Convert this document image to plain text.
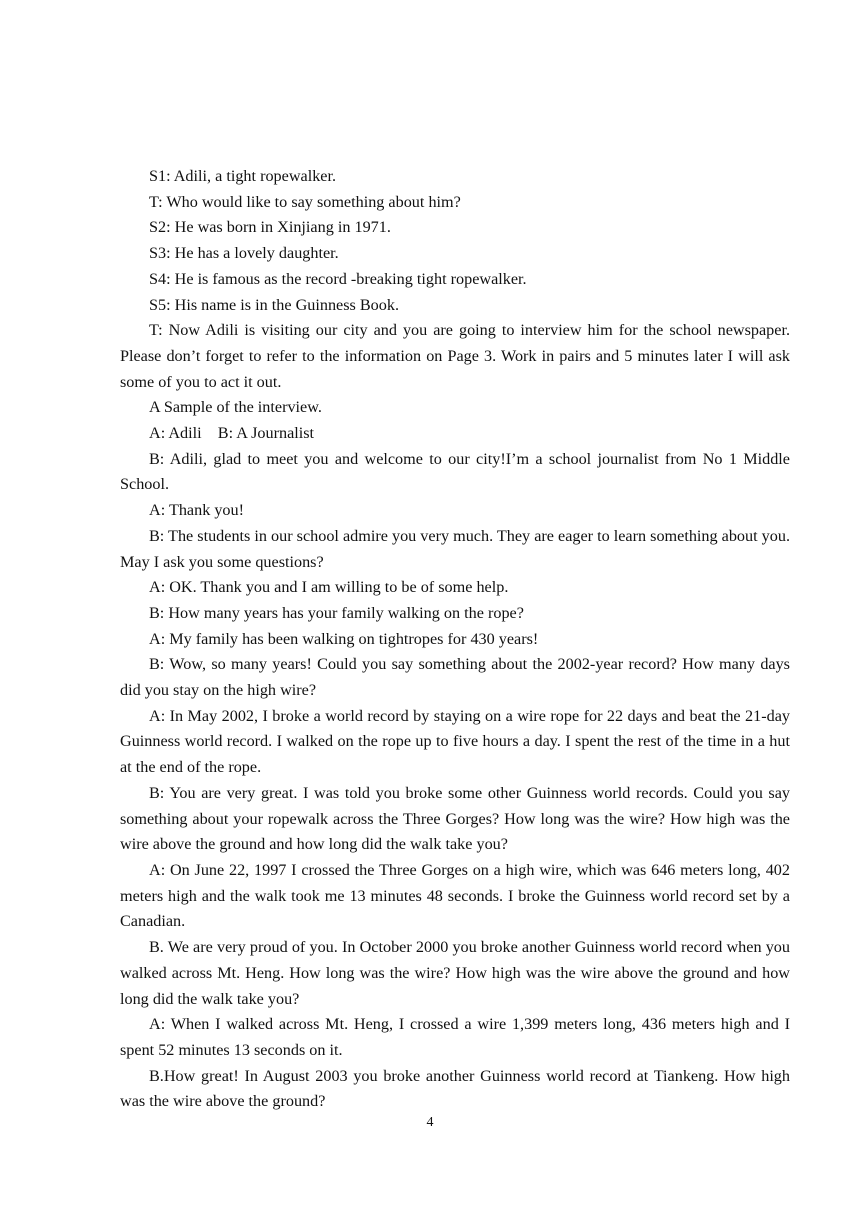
S1: Adili, a tight ropewalker.

T: Who would like to say something about him?

S2: He was born in Xinjiang in 1971.

S3: He has a lovely daughter.

S4: He is famous as the record -breaking tight ropewalker.

S5: His name is in the Guinness Book.

T: Now Adili is visiting our city and you are going to interview him for the school newspaper. Please don’t forget to refer to the information on Page 3. Work in pairs and 5 minutes later I will ask some of you to act it out.

A Sample of the interview.

A: Adili    B: A Journalist

B: Adili, glad to meet you and welcome to our city!I’m a school journalist from No 1 Middle School.

A: Thank you!

B: The students in our school admire you very much. They are eager to learn something about you. May I ask you some questions?

A: OK. Thank you and I am willing to be of some help.

B: How many years has your family walking on the rope?

A: My family has been walking on tightropes for 430 years!

B: Wow, so many years! Could you say something about the 2002-year record? How many days did you stay on the high wire?

A: In May 2002, I broke a world record by staying on a wire rope for 22 days and beat the 21-day Guinness world record. I walked on the rope up to five hours a day. I spent the rest of the time in a hut at the end of the rope.

B: You are very great. I was told you broke some other Guinness world records. Could you say something about your ropewalk across the Three Gorges? How long was the wire? How high was the wire above the ground and how long did the walk take you?

A: On June 22, 1997 I crossed the Three Gorges on a high wire, which was 646 meters long, 402 meters high and the walk took me 13 minutes 48 seconds. I broke the Guinness world record set by a Canadian.

B. We are very proud of you. In October 2000 you broke another Guinness world record when you walked across Mt. Heng. How long was the wire? How high was the wire above the ground and how long did the walk take you?

A: When I walked across Mt. Heng, I crossed a wire 1,399 meters long, 436 meters high and I spent 52 minutes 13 seconds on it.

B.How great! In August 2003 you broke another Guinness world record at Tiankeng. How high was the wire above the ground?

4
